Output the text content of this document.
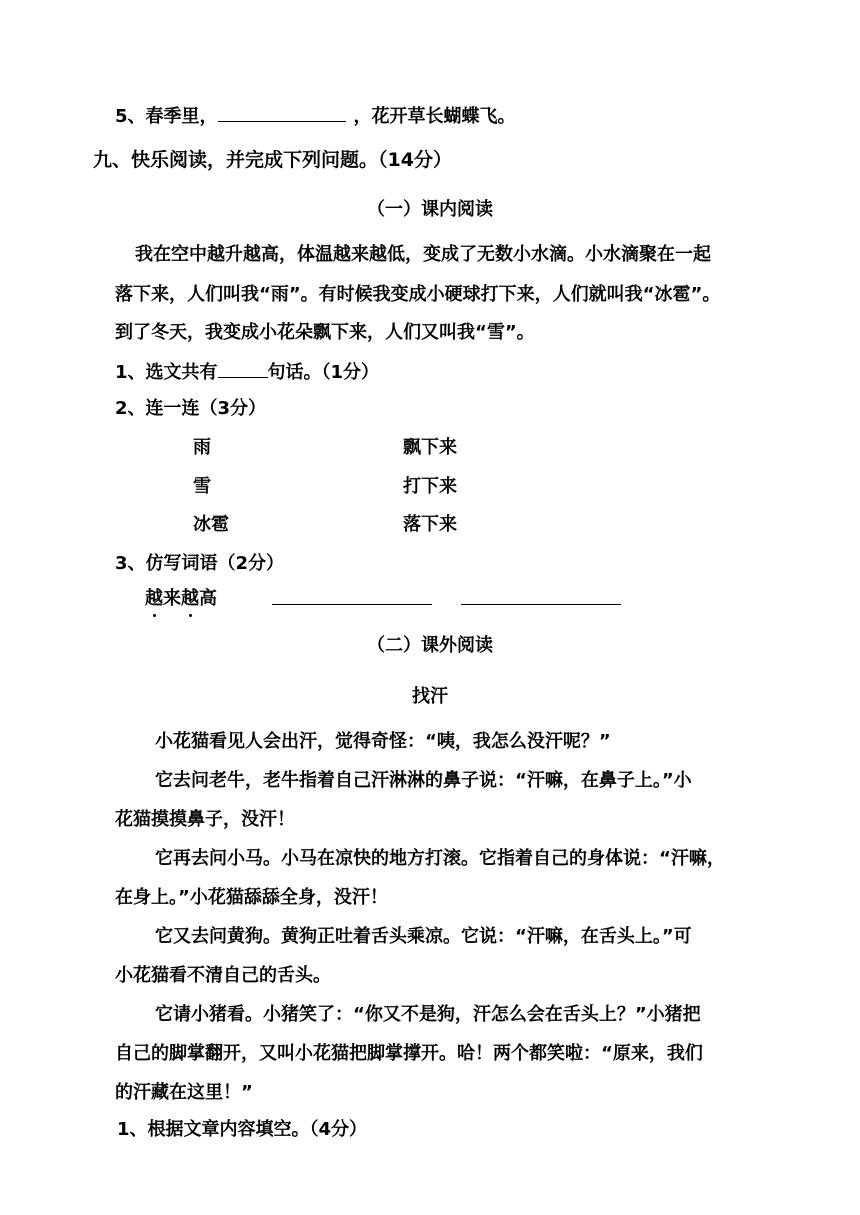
5、春季里，	，花开草长蝴蝶飞。
九、快乐阅读，并完成下列问题。（14分）
（一）课内阅读
我在空中越升越高，体温越来越低，变成了无数小水滴。小水滴聚在一起
落下来，人们叫我“雨”。有时候我变成小硬球打下来，人们就叫我“冰雹”。
到了冬天，我变成小花朵飘下来，人们又叫我“雪”。
1、选文共有	句话。（1分）
2、连一连（3分）
雨	飘下来
雪	打下来
冰雹	落下来
3、仿写词语（2分）
越来越高
（二）课外阅读
找汗
小花猫看见人会出汗，觉得奇怪：“咦，我怎么没汗呢？”
它去问老牛，老牛指着自己汗淋淋的鼻子说：“汗嘛，在鼻子上。”小
花猫摸摸鼻子，没汗！
它再去问小马。小马在凉快的地方打滚。它指着自己的身体说：“汗嘛，
在身上。”小花猫舔舔全身，没汗！
它又去问黄狗。黄狗正吐着舌头乘凉。它说：“汗嘛，在舌头上。”可
小花猫看不清自己的舌头。
它请小猪看。小猪笑了：“你又不是狗，汗怎么会在舌头上？”小猪把
自己的脚掌翻开，又叫小花猫把脚掌撑开。哈！两个都笑啦：“原来，我们
的汗藏在这里！”
1、根据文章内容填空。（4分）
